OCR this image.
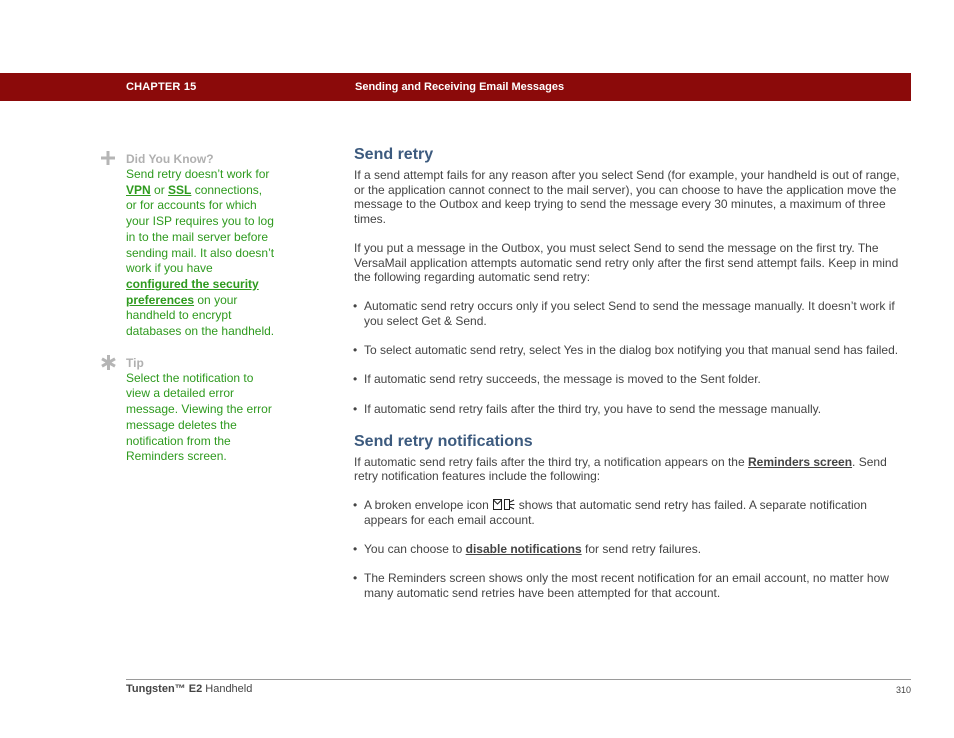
CHAPTER 15	Sending and Receiving Email Messages
Did You Know?
Send retry doesn’t work for VPN or SSL connections, or for accounts for which your ISP requires you to log in to the mail server before sending mail. It also doesn’t work if you have configured the security preferences on your handheld to encrypt databases on the handheld.
Tip
Select the notification to view a detailed error message. Viewing the error message deletes the notification from the Reminders screen.
Send retry

If a send attempt fails for any reason after you select Send (for example, your handheld is out of range, or the application cannot connect to the mail server), you can choose to have the application move the message to the Outbox and keep trying to send the message every 30 minutes, a maximum of three times.

If you put a message in the Outbox, you must select Send to send the message on the first try. The VersaMail application attempts automatic send retry only after the first send attempt fails. Keep in mind the following regarding automatic send retry:

• Automatic send retry occurs only if you select Send to send the message manually. It doesn’t work if you select Get & Send.
• To select automatic send retry, select Yes in the dialog box notifying you that manual send has failed.
• If automatic send retry succeeds, the message is moved to the Sent folder.
• If automatic send retry fails after the third try, you have to send the message manually.
Send retry notifications

If automatic send retry fails after the third try, a notification appears on the Reminders screen. Send retry notification features include the following:

• A broken envelope icon	shows that automatic send retry has failed. A separate notification appears for each email account.
• You can choose to disable notifications for send retry failures.
• The Reminders screen shows only the most recent notification for an email account, no matter how many automatic send retries have been attempted for that account.
Tungsten™ E2 Handheld	310
